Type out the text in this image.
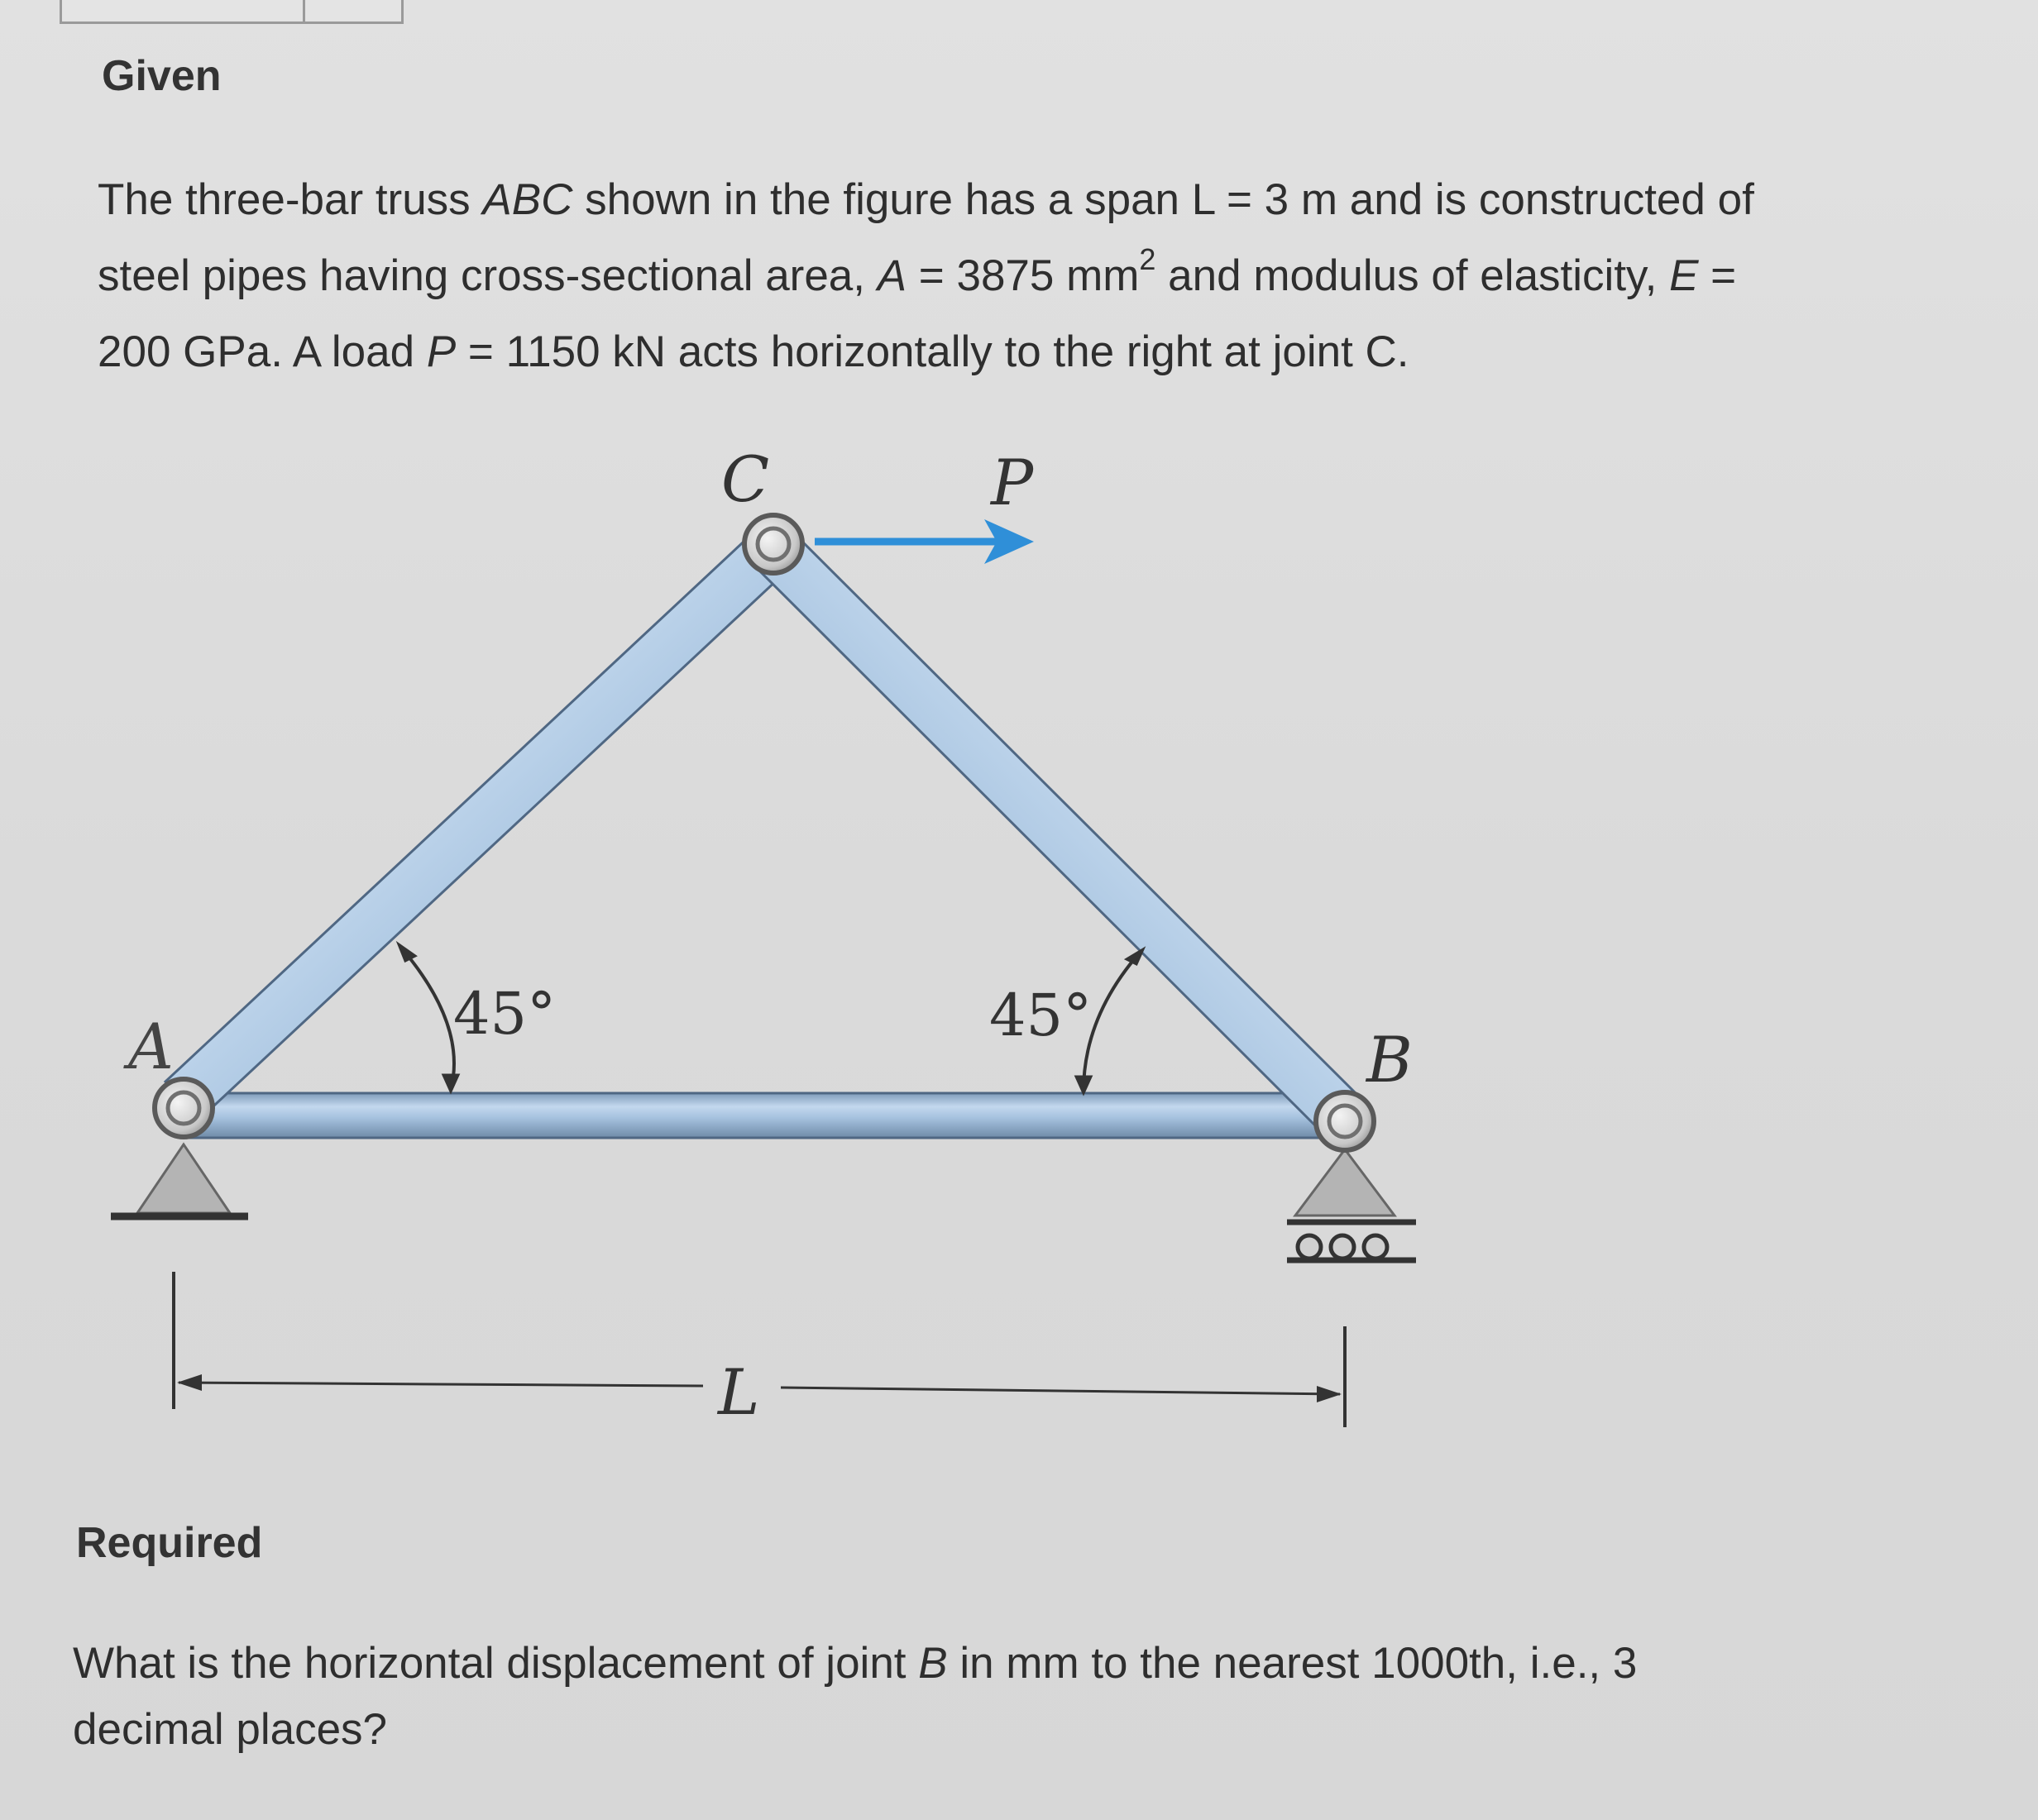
Given
The three-bar truss ABC shown in the figure has a span L = 3 m and is constructed of
steel pipes having cross-sectional area, A = 3875 $mm^2$ and modulus of elasticity, E =
200 GPa. A load P = 1150 kN acts horizontally to the right at joint C.
C	P
A	B
45°	45°
L
Required
What is the horizontal displacement of joint B in mm to the nearest 1000th, i.e., 3
decimal places?
